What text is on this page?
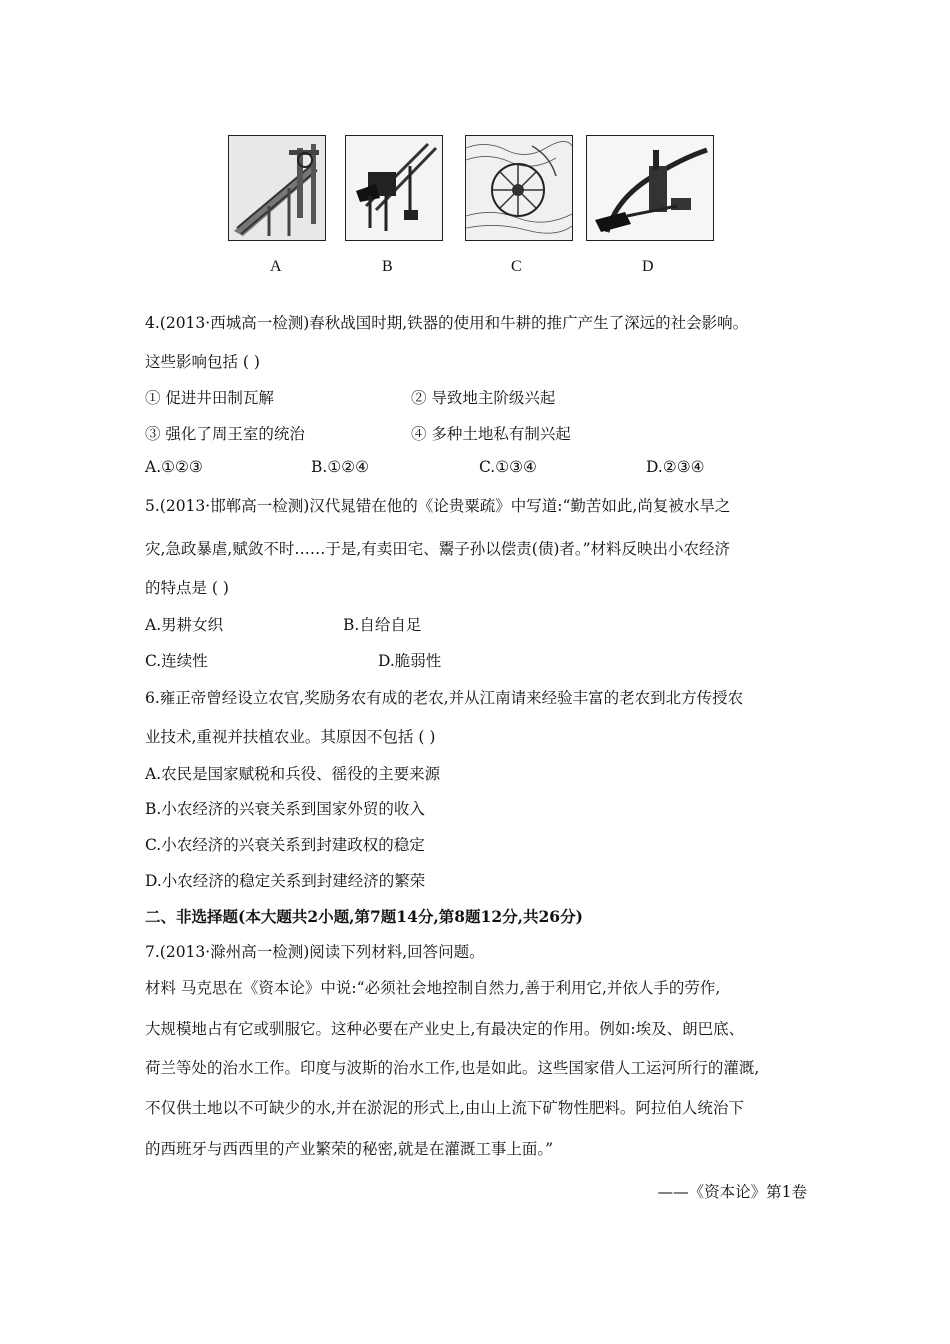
A	B	C	D
4.(2013·西城高一检测)春秋战国时期,铁器的使用和牛耕的推广产生了深远的社会影响。
这些影响包括 ( )
① 促进井田制瓦解	② 导致地主阶级兴起
③ 强化了周王室的统治	④ 多种土地私有制兴起
A.①②③	B.①②④	C.①③④	D.②③④
5.(2013·邯郸高一检测)汉代晁错在他的《论贵粟疏》中写道:“勤苦如此,尚复被水旱之
灾,急政暴虐,赋敛不时……于是,有卖田宅、鬻子孙以偿责(债)者。”材料反映出小农经济
的特点是 ( )
A.男耕女织	B.自给自足
C.连续性	D.脆弱性
6.雍正帝曾经设立农官,奖励务农有成的老农,并从江南请来经验丰富的老农到北方传授农
业技术,重视并扶植农业。其原因不包括 ( )
A.农民是国家赋税和兵役、徭役的主要来源
B.小农经济的兴衰关系到国家外贸的收入
C.小农经济的兴衰关系到封建政权的稳定
D.小农经济的稳定关系到封建经济的繁荣
二、非选择题(本大题共2小题,第7题14分,第8题12分,共26分)
7.(2013·滁州高一检测)阅读下列材料,回答问题。
材料 马克思在《资本论》中说:“必须社会地控制自然力,善于利用它,并依人手的劳作,
大规模地占有它或驯服它。这种必要在产业史上,有最决定的作用。例如:埃及、朗巴底、
荷兰等处的治水工作。印度与波斯的治水工作,也是如此。这些国家借人工运河所行的灌溉,
不仅供土地以不可缺少的水,并在淤泥的形式上,由山上流下矿物性肥料。阿拉伯人统治下
的西班牙与西西里的产业繁荣的秘密,就是在灌溉工事上面。”
——《资本论》第1卷
